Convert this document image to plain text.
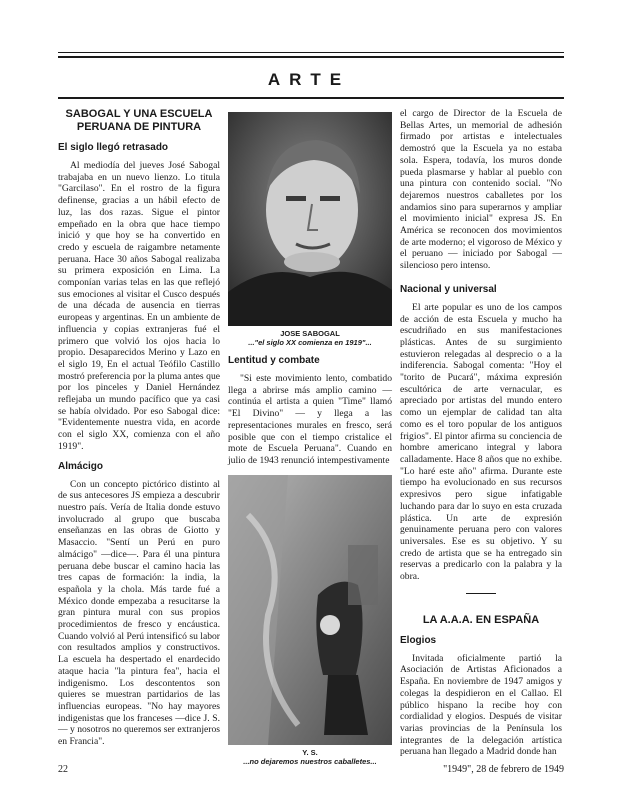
ARTE
SABOGAL Y UNA ESCUELA
PERUANA DE PINTURA
El siglo llegó retrasado

Al mediodía del jueves José Sabogal trabajaba en un nuevo lienzo. Lo titula "Garcilaso". En el rostro de la figura definense, gracias a un hábil efecto de luz, las dos razas. Sigue el pintor empeñado en la obra que hace tiempo inició y que hoy se ha convertido en credo y escuela de raigambre netamente peruana. Hace 30 años Sabogal realizaba su primera exposición en Lima. La componían varias telas en las que reflejó sus emociones al visitar el Cusco después de una década de ausencia en tierras europeas y argentinas. En un ambiente de influencia y copias extranjeras fué el primero que volvió los ojos hacia lo propio. Desaparecidos Merino y Lazo en el siglo 19, En el actual Teófilo Castillo mostró preferencia por la pluma antes que por los pinceles y Daniel Hernández reflejaba un mundo pacífico que ya casi se había olvidado. Por eso Sabogal dice: "Evidentemente nuestra vida, en acorde con el siglo XX, comienza con el año 1919".

Almácigo

Con un concepto pictórico distinto al de sus antecesores JS empieza a descubrir nuestro país. Vería de Italia donde estuvo involucrado al grupo que buscaba enseñanzas en las obras de Giotto y Masaccio. "Sentí un Perú en puro almácigo" —dice—. Para él una pintura peruana debe buscar el camino hacia las tres capas de formación: la india, la española y la chola. Más tarde fué a México donde empezaba a resucitarse la gran pintura mural con sus propios procedimientos de fresco y encáustica. Cuando volvió al Perú intensificó su labor con resultados amplios y constructivos. La escuela ha despertado el enardecido ataque hacia "la pintura fea", hacia el indigenismo. Los descontentos son quieres se muestran partidarios de las influencias europeas. "No hay mayores indigenistas que los franceses —dice J. S.— y nosotros no queremos ser extranjeros en Francia".

JOSE SABOGAL
..."el siglo XX comienza en 1919"...
Lentitud y combate

"Si este movimiento lento, combatido llega a abrirse más amplio camino — continúa el artista a quien "Time" llamó "El Divino" — y llega a las representaciones murales en fresco, será posible que con el tiempo cristalice el mote de Escuela Peruana". Cuando en julio de 1943 renunció intempestivamente

Y. S.
...no dejaremos nuestros caballetes...

el cargo de Director de la Escuela de Bellas Artes, un memorial de adhesión firmado por artistas e intelectuales demostró que la Escuela ya no estaba sola. Espera, todavía, los muros donde pueda plasmarse y hablar al pueblo con una pintura con contenido social. "No dejaremos nuestros caballetes por los andamios sino para superarnos y ampliar el movimiento inicial" expresa JS. En América se reconocen dos movimientos de arte moderno; el vigoroso de México y el peruano — iniciado por Sabogal — silencioso pero intenso.

Nacional y universal

El arte popular es uno de los campos de acción de esta Escuela y mucho ha escudriñado en sus manifestaciones plásticas. Antes de su surgimiento estuvieron relegadas al desprecio o a la indiferencia. Sabogal comenta: "Hoy el "torito de Pucará", máxima expresión escultórica de arte vernacular, es apreciado por artistas del mundo entero como un ejemplar de calidad tan alta como es el toro popular de los antiguos frigios". El pintor afirma su conciencia de hombre americano integral y labora calladamente. Hace 8 años que no exhibe. "Lo haré este año" afirma. Durante este tiempo ha evolucionado en sus recursos expresivos pero sigue infatigable luchando para dar lo suyo en esta cruzada plástica. Un arte de expresión genuinamente peruana pero con valores universales. Ese es su objetivo. Y su credo de artista que se ha entregado sin reservas a predicarlo con la palabra y la obra.

LA A.A.A. EN ESPAÑA
Elogios

Invitada oficialmente partió la Asociación de Artistas Aficionados a España. En noviembre de 1947 amigos y colegas la despidieron en el Callao. El público hispano la recibe hoy con cordialidad y elogios. Después de visitar varias provincias de la Península los integrantes de la delegación artística peruana han llegado a Madrid donde han

22	"1949", 28 de febrero de 1949
